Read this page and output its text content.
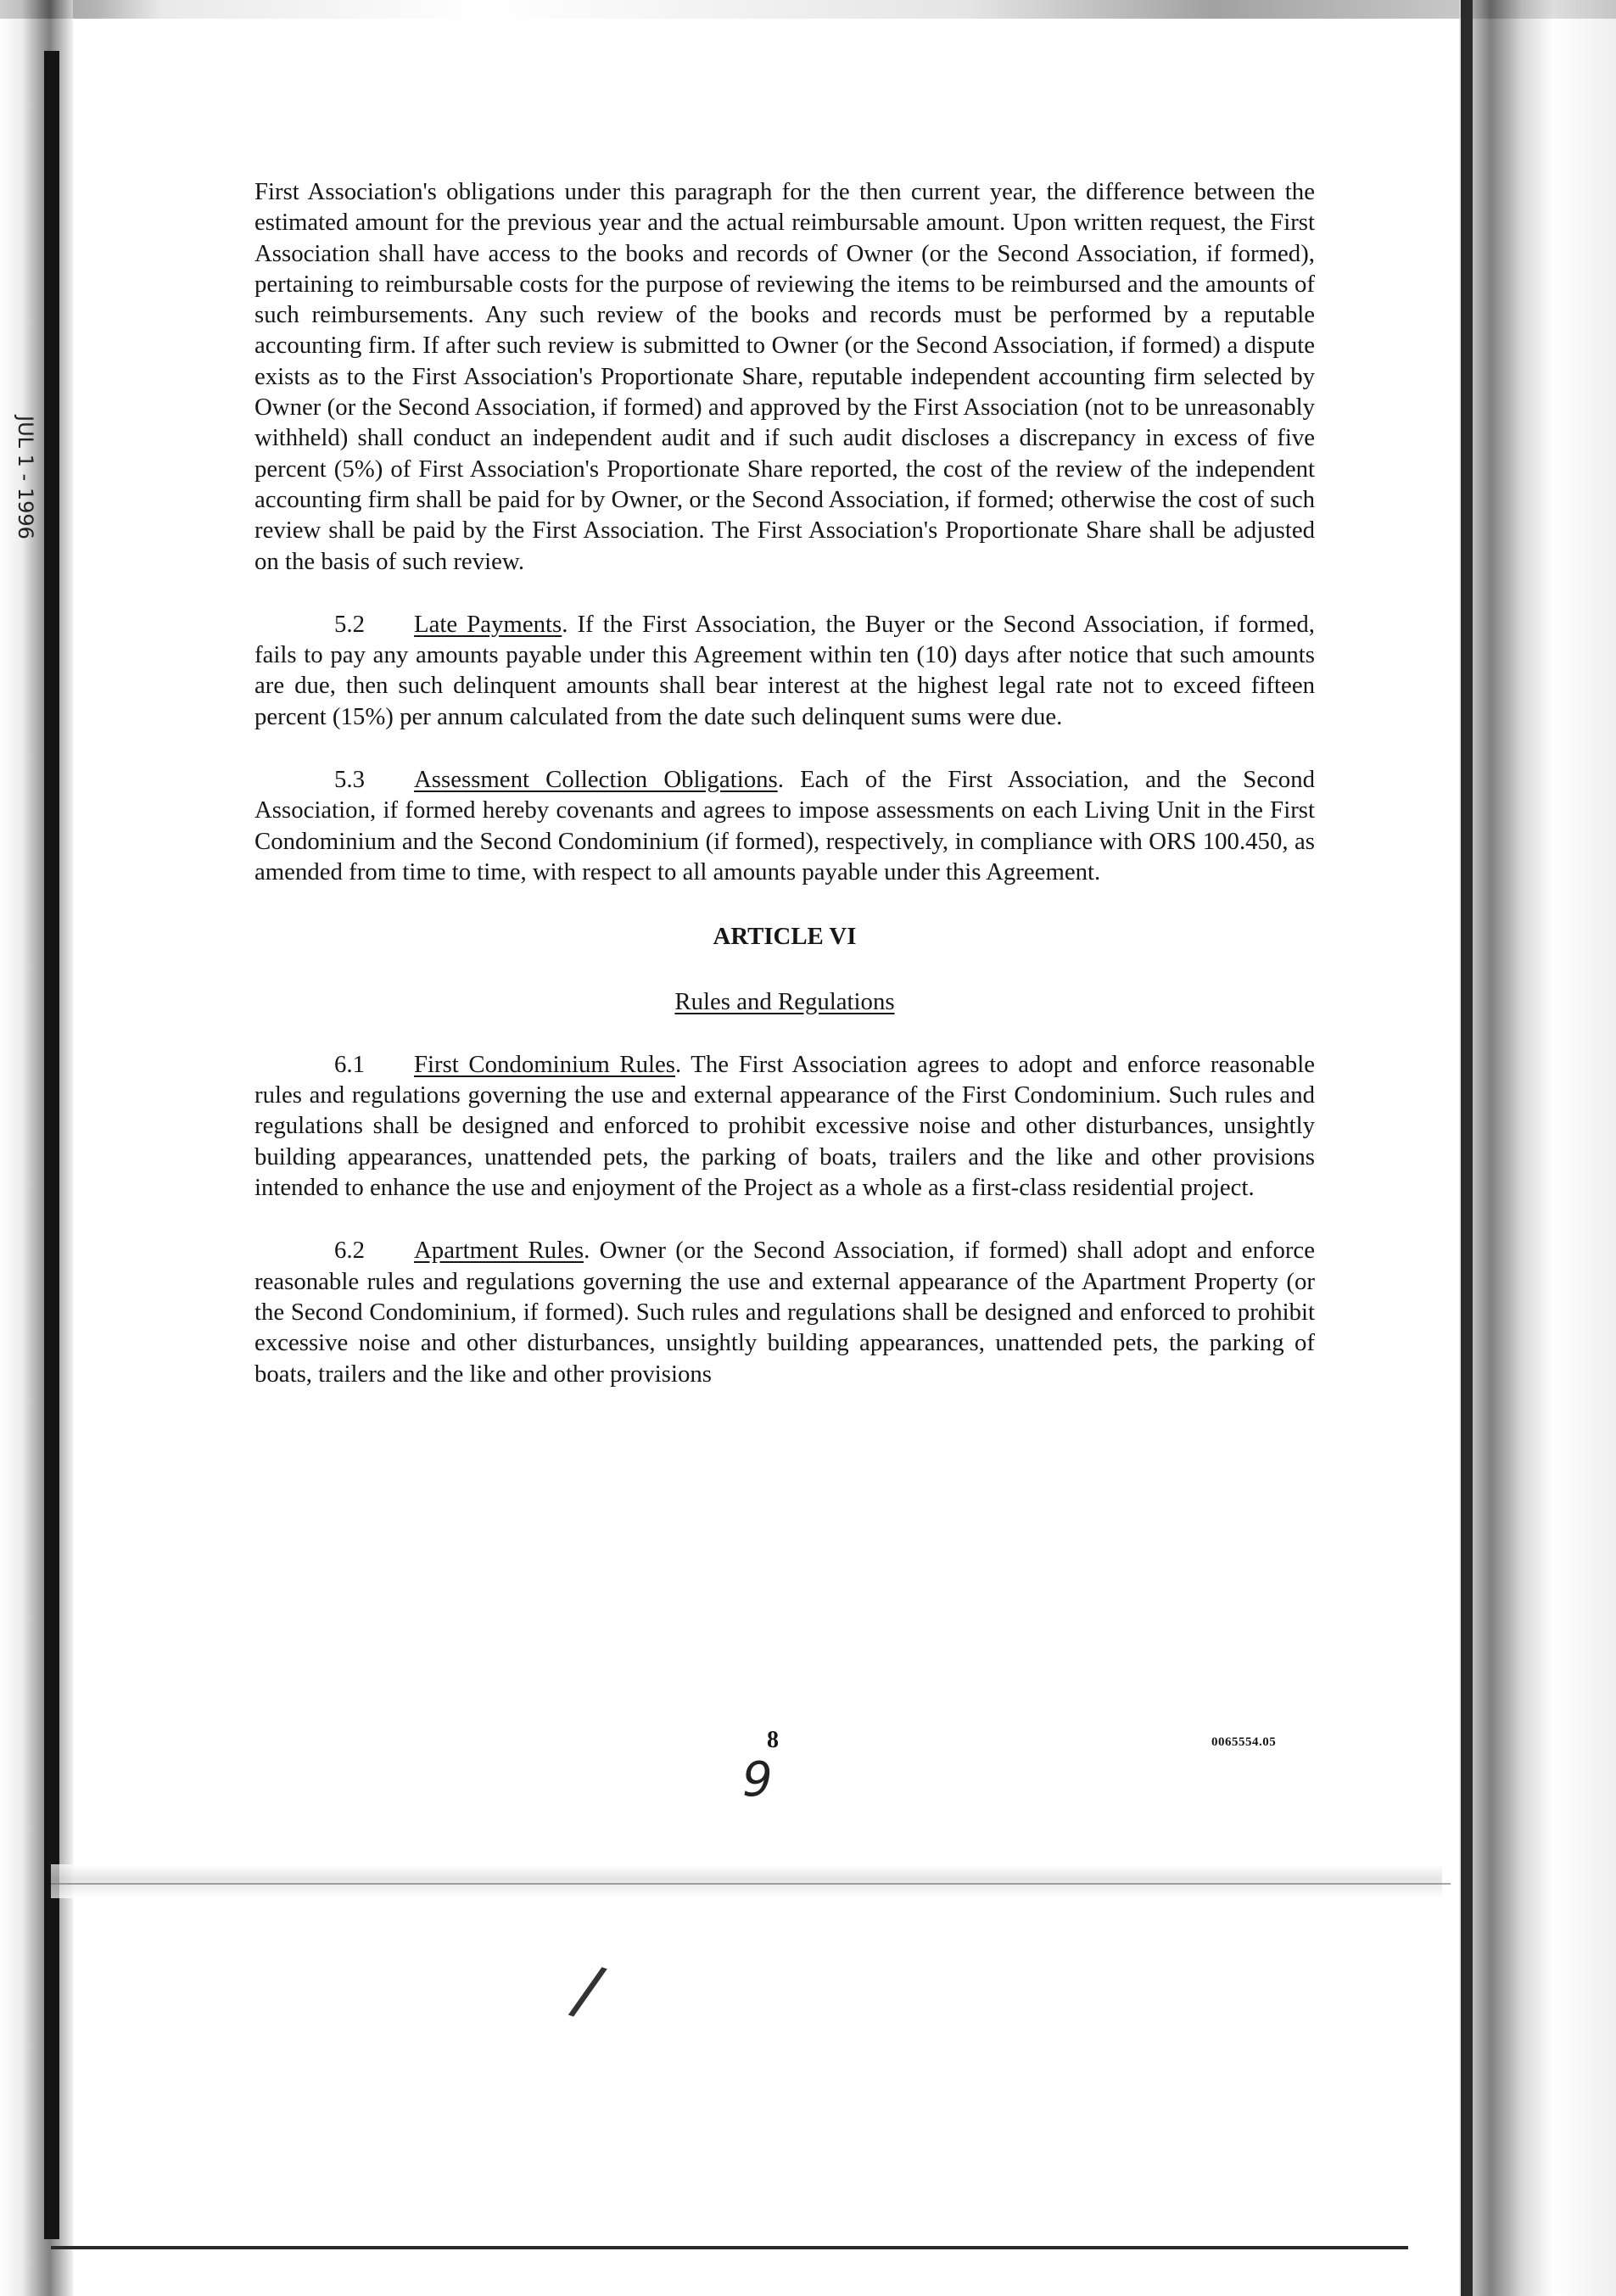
JUL 1 - 1996

First Association's obligations under this paragraph for the then current year, the difference between the estimated amount for the previous year and the actual reimbursable amount. Upon written request, the First Association shall have access to the books and records of Owner (or the Second Association, if formed), pertaining to reimbursable costs for the purpose of reviewing the items to be reimbursed and the amounts of such reimbursements. Any such review of the books and records must be performed by a reputable accounting firm. If after such review is submitted to Owner (or the Second Association, if formed) a dispute exists as to the First Association's Proportionate Share, reputable independent accounting firm selected by Owner (or the Second Association, if formed) and approved by the First Association (not to be unreasonably withheld) shall conduct an independent audit and if such audit discloses a discrepancy in excess of five percent (5%) of First Association's Proportionate Share reported, the cost of the review of the independent accounting firm shall be paid for by Owner, or the Second Association, if formed; otherwise the cost of such review shall be paid by the First Association. The First Association's Proportionate Share shall be adjusted on the basis of such review.

5.2 Late Payments. If the First Association, the Buyer or the Second Association, if formed, fails to pay any amounts payable under this Agreement within ten (10) days after notice that such amounts are due, then such delinquent amounts shall bear interest at the highest legal rate not to exceed fifteen percent (15%) per annum calculated from the date such delinquent sums were due.

5.3 Assessment Collection Obligations. Each of the First Association, and the Second Association, if formed hereby covenants and agrees to impose assessments on each Living Unit in the First Condominium and the Second Condominium (if formed), respectively, in compliance with ORS 100.450, as amended from time to time, with respect to all amounts payable under this Agreement.

ARTICLE VI

Rules and Regulations

6.1 First Condominium Rules. The First Association agrees to adopt and enforce reasonable rules and regulations governing the use and external appearance of the First Condominium. Such rules and regulations shall be designed and enforced to prohibit excessive noise and other disturbances, unsightly building appearances, unattended pets, the parking of boats, trailers and the like and other provisions intended to enhance the use and enjoyment of the Project as a whole as a first-class residential project.

6.2 Apartment Rules. Owner (or the Second Association, if formed) shall adopt and enforce reasonable rules and regulations governing the use and external appearance of the Apartment Property (or the Second Condominium, if formed). Such rules and regulations shall be designed and enforced to prohibit excessive noise and other disturbances, unsightly building appearances, unattended pets, the parking of boats, trailers and the like and other provisions

8	0065554.05
9
/
